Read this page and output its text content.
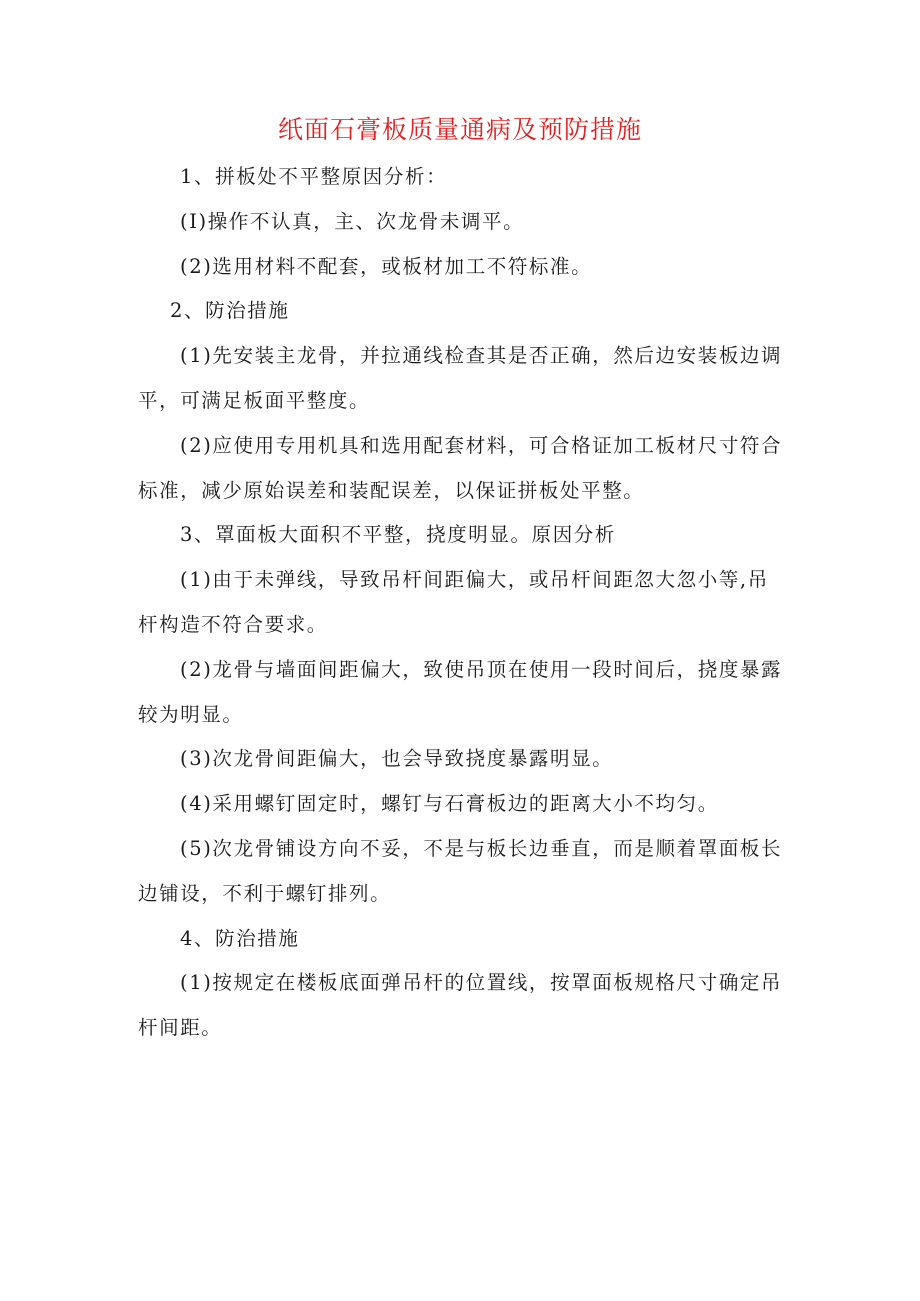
纸面石膏板质量通病及预防措施

1、拼板处不平整原因分析：

(I)操作不认真，主、次龙骨未调平。

(2)选用材料不配套，或板材加工不符标准。

2、防治措施

(1)先安装主龙骨，并拉通线检查其是否正确，然后边安装板边调平，可满足板面平整度。

(2)应使用专用机具和选用配套材料，可合格证加工板材尺寸符合标准，减少原始误差和装配误差，以保证拼板处平整。

3、罩面板大面积不平整，挠度明显。原因分析

(1)由于未弹线，导致吊杆间距偏大，或吊杆间距忽大忽小等,吊杆构造不符合要求。

(2)龙骨与墙面间距偏大，致使吊顶在使用一段时间后，挠度暴露较为明显。

(3)次龙骨间距偏大，也会导致挠度暴露明显。

(4)采用螺钉固定时，螺钉与石膏板边的距离大小不均匀。

(5)次龙骨铺设方向不妥，不是与板长边垂直，而是顺着罩面板长边铺设，不利于螺钉排列。

4、防治措施

(1)按规定在楼板底面弹吊杆的位置线，按罩面板规格尺寸确定吊杆间距。
